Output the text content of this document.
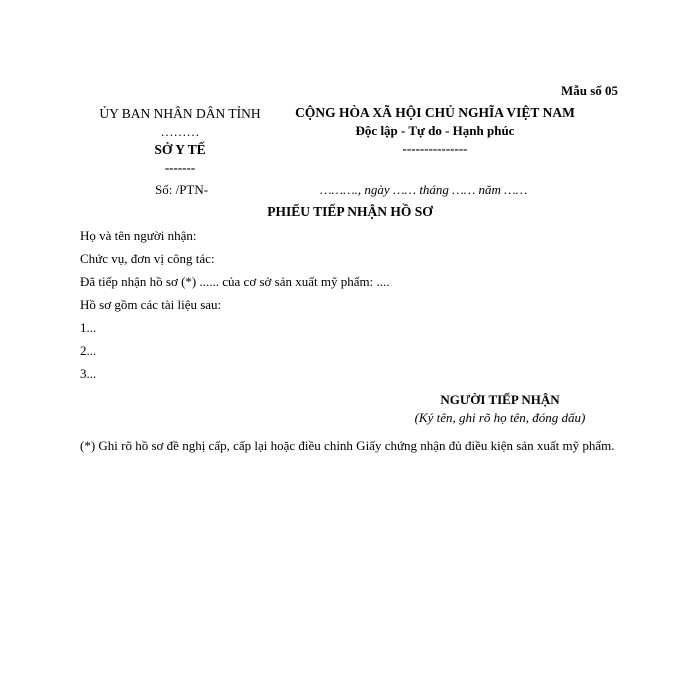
Mẫu số 05
ỦY BAN NHÂN DÂN TỈNH
………
SỞ Y TẾ
-------
CỘNG HÒA XÃ HỘI CHỦ NGHĨA VIỆT NAM
Độc lập - Tự do - Hạnh phúc
---------------
Số: /PTN-	………., ngày …… tháng …… năm ……
PHIẾU TIẾP NHẬN HỒ SƠ
Họ và tên người nhận:
Chức vụ, đơn vị công tác:
Đã tiếp nhận hồ sơ (*) ...... của cơ sở sản xuất mỹ phẩm: ....
Hồ sơ gồm các tài liệu sau:
1...
2...
3...
NGƯỜI TIẾP NHẬN
(Ký tên, ghi rõ họ tên, đóng dấu)
(*) Ghi rõ hồ sơ đề nghị cấp, cấp lại hoặc điều chỉnh Giấy chứng nhận đủ điều kiện sản xuất mỹ phẩm.
